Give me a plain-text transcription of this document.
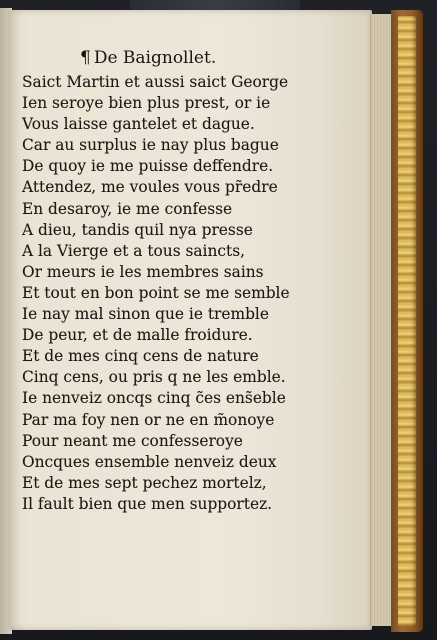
¶ De Baignollet.
Saict Martin et aussi saict George
Ien seroye bien plus prest, or ie
Vous laisse gantelet et dague.
Car au surplus ie nay plus bague
De quoy ie me puisse deffendre.
Attendez, me voules vous pr̃edre
En desaroy, ie me confesse
A dieu, tandis quil nya presse
A la Vierge et a tous saincts,
Or meurs ie les membres sains
Et tout en bon point se me semble
Ie nay mal sinon que ie tremble
De peur, et de malle froidure.
Et de mes cinq cens de nature
Cinq cens, ou pris q ne les emble.
Ie nenveiz oncqs cinq c̃es ens̃eble
Par ma foy nen or ne en m̃onoye
Pour neant me confesseroye
Oncques ensemble nenveiz deux
Et de mes sept pechez mortelz,
Il fault bien que men supportez.
